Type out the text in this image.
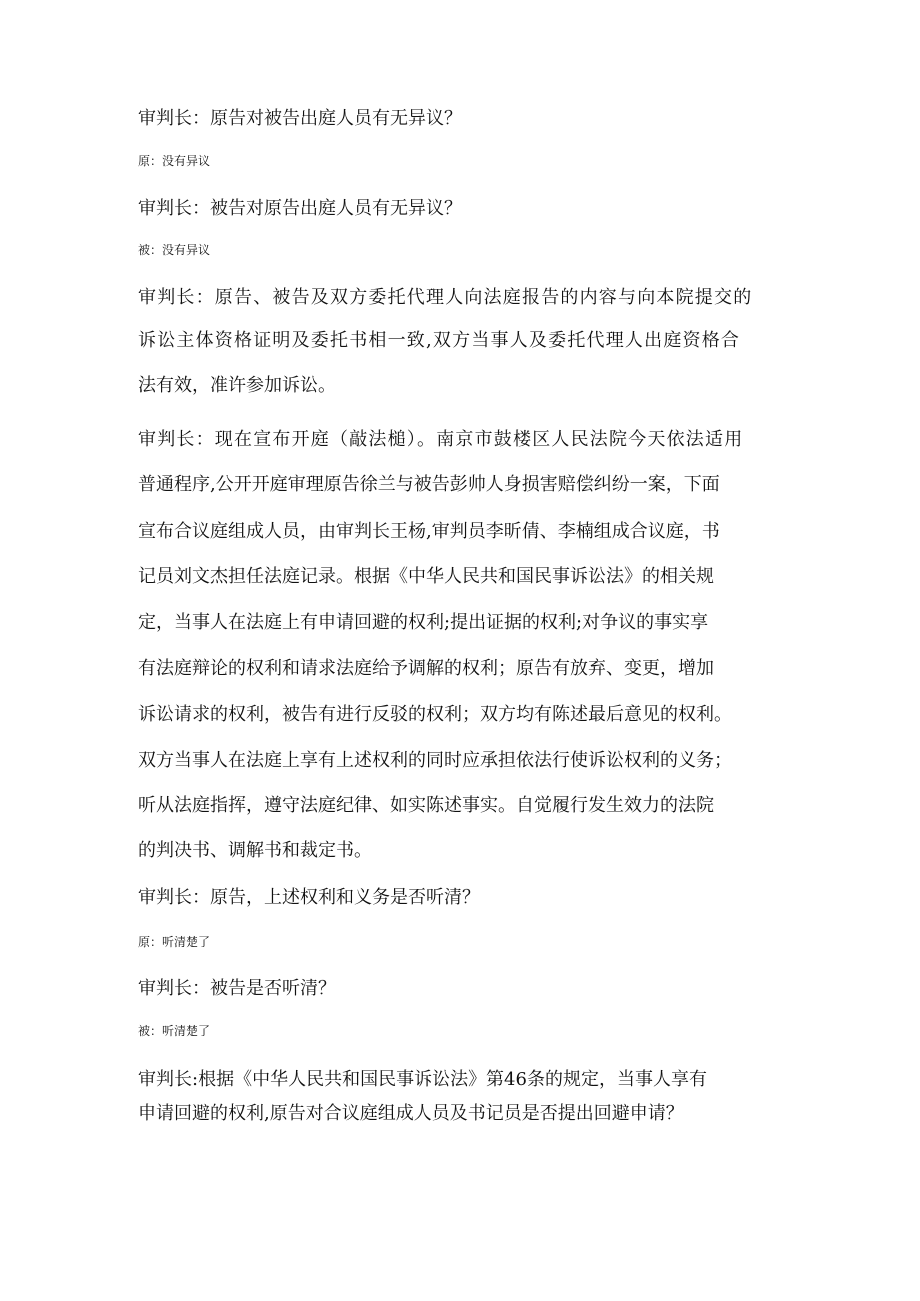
审判长：原告对被告出庭人员有无异议？

原：没有异议

审判长：被告对原告出庭人员有无异议？

被：没有异议

审判长：原告、被告及双方委托代理人向法庭报告的内容与向本院提交的

诉讼主体资格证明及委托书相一致,双方当事人及委托代理人出庭资格合

法有效，准许参加诉讼。

审判长：现在宣布开庭（敲法槌）。南京市鼓楼区人民法院今天依法适用

普通程序,公开开庭审理原告徐兰与被告彭帅人身损害赔偿纠纷一案，下面

宣布合议庭组成人员，由审判长王杨,审判员李昕倩、李楠组成合议庭，书

记员刘文杰担任法庭记录。根据《中华人民共和国民事诉讼法》的相关规

定，当事人在法庭上有申请回避的权利;提出证据的权利;对争议的事实享

有法庭辩论的权利和请求法庭给予调解的权利；原告有放弃、变更，增加

诉讼请求的权利，被告有进行反驳的权利；双方均有陈述最后意见的权利。

双方当事人在法庭上享有上述权利的同时应承担依法行使诉讼权利的义务；

听从法庭指挥，遵守法庭纪律、如实陈述事实。自觉履行发生效力的法院

的判决书、调解书和裁定书。

审判长：原告，上述权利和义务是否听清？

原：听清楚了

审判长：被告是否听清？

被：听清楚了

审判长:根据《中华人民共和国民事诉讼法》第46条的规定，当事人享有

申请回避的权利,原告对合议庭组成人员及书记员是否提出回避申请？
